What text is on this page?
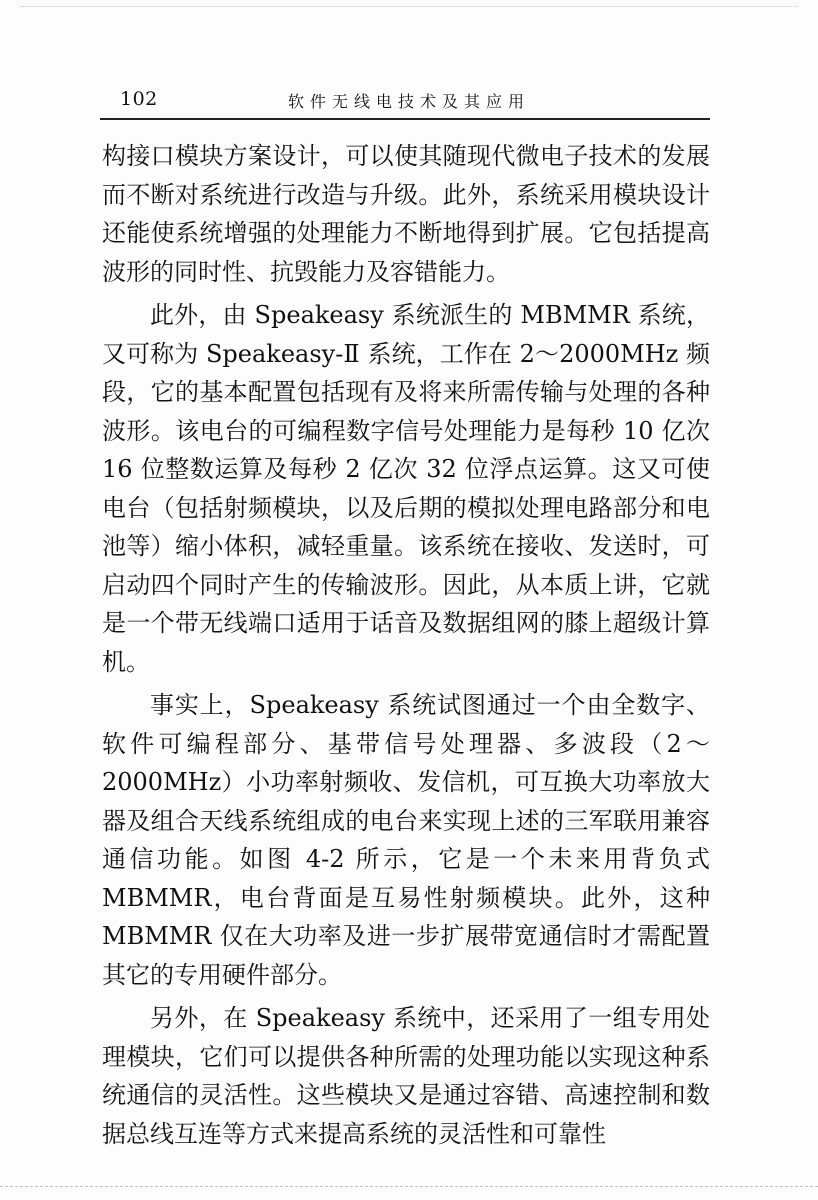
102	软件无线电技术及其应用

构接口模块方案设计，可以使其随现代微电子技术的发展而不断对系统进行改造与升级。此外，系统采用模块设计还能使系统增强的处理能力不断地得到扩展。它包括提高波形的同时性、抗毁能力及容错能力。

此外，由 Speakeasy 系统派生的 MBMMR 系统，又可称为 Speakeasy-Ⅱ 系统，工作在 2～2000MHz 频段，它的基本配置包括现有及将来所需传输与处理的各种波形。该电台的可编程数字信号处理能力是每秒 10 亿次 16 位整数运算及每秒 2 亿次 32 位浮点运算。这又可使电台（包括射频模块，以及后期的模拟处理电路部分和电池等）缩小体积，减轻重量。该系统在接收、发送时，可启动四个同时产生的传输波形。因此，从本质上讲，它就是一个带无线端口适用于话音及数据组网的膝上超级计算机。

事实上，Speakeasy 系统试图通过一个由全数字、软件可编程部分、基带信号处理器、多波段（2～2000MHz）小功率射频收、发信机，可互换大功率放大器及组合天线系统组成的电台来实现上述的三军联用兼容通信功能。如图 4-2 所示，它是一个未来用背负式 MBMMR，电台背面是互易性射频模块。此外，这种 MBMMR 仅在大功率及进一步扩展带宽通信时才需配置其它的专用硬件部分。

另外，在 Speakeasy 系统中，还采用了一组专用处理模块，它们可以提供各种所需的处理功能以实现这种系统通信的灵活性。这些模块又是通过容错、高速控制和数据总线互连等方式来提高系统的灵活性和可靠性
